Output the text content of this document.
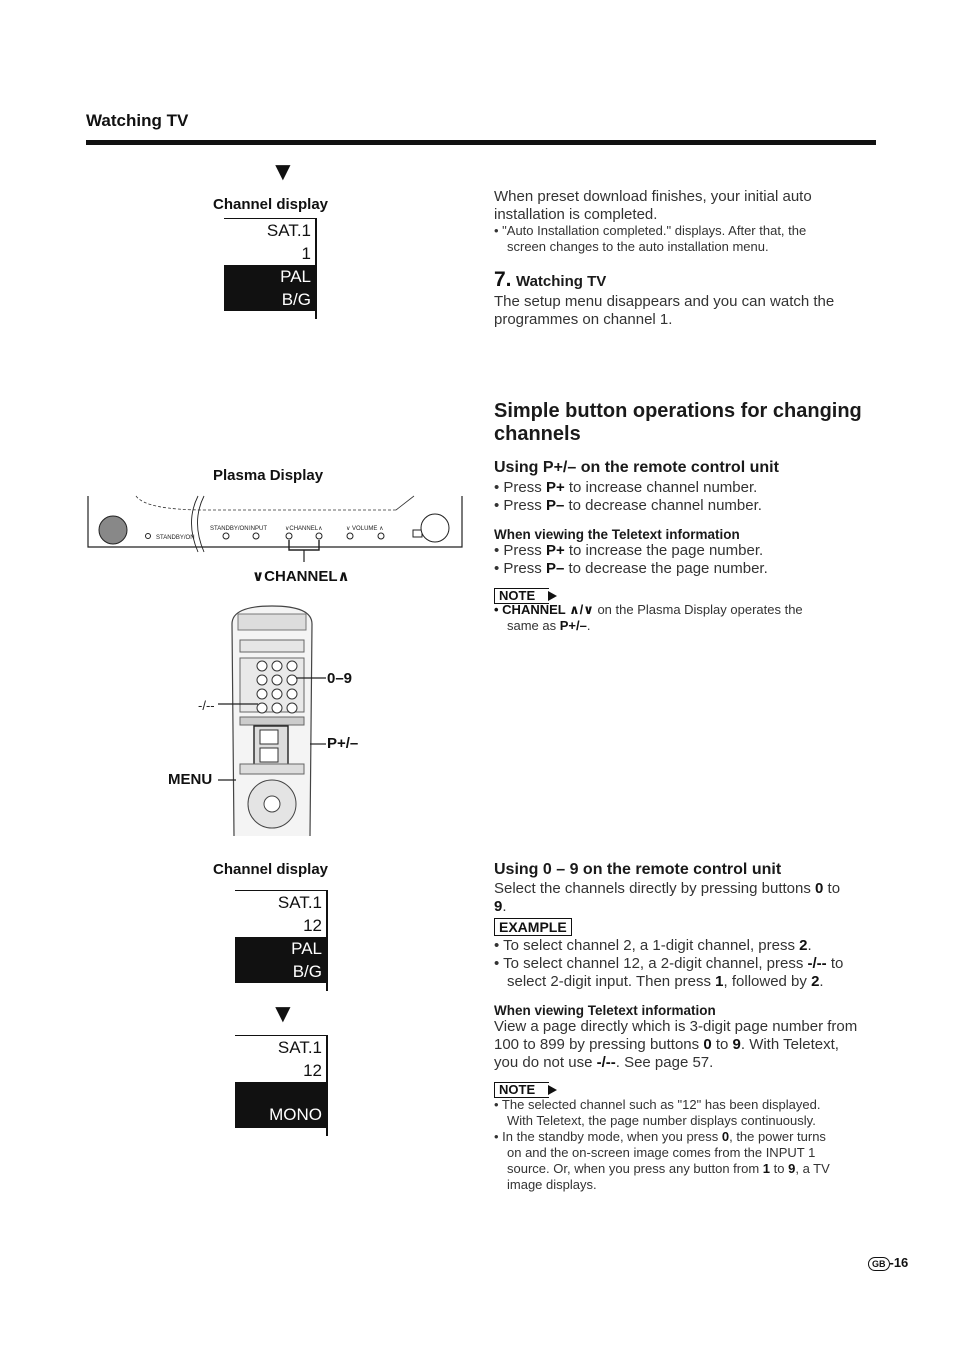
Watching TV
▼
Channel display
SAT.1
1
PAL
B/G
Plasma Display
STANDBY/ON
STANDBY/ON INPUT	∨CHANNEL∧	∨ VOLUME ∧
∨CHANNEL∧
0–9
-/--
P+/–
MENU
Channel display
SAT.1
12
PAL
B/G
▼
SAT.1
12
MONO
When preset download finishes, your initial auto
installation is completed.
• "Auto Installation completed." displays. After that, the
screen changes to the auto installation menu.
7. Watching TV
The setup menu disappears and you can watch the
programmes on channel 1.
Simple button operations for changing
channels
Using P+/– on the remote control unit
• Press P+ to increase channel number.
• Press P– to decrease channel number.
When viewing the Teletext information
• Press P+ to increase the page number.
• Press P– to decrease the page number.
NOTE
• CHANNEL ∧/∨ on the Plasma Display operates the
same as P+/–.
Using 0 – 9 on the remote control unit
Select the channels directly by pressing buttons 0 to
9.
EXAMPLE
• To select channel 2, a 1-digit channel, press 2.
• To select channel 12, a 2-digit channel, press -/-- to
select 2-digit input. Then press 1, followed by 2.
When viewing Teletext information
View a page directly which is 3-digit page number from
100 to 899 by pressing buttons 0 to 9. With Teletext,
you do not use -/--. See page 57.
NOTE
• The selected channel such as "12" has been displayed.
With Teletext, the page number displays continuously.
• In the standby mode, when you press 0, the power turns
on and the on-screen image comes from the INPUT 1
source. Or, when you press any button from 1 to 9, a TV
image displays.
GB -16
